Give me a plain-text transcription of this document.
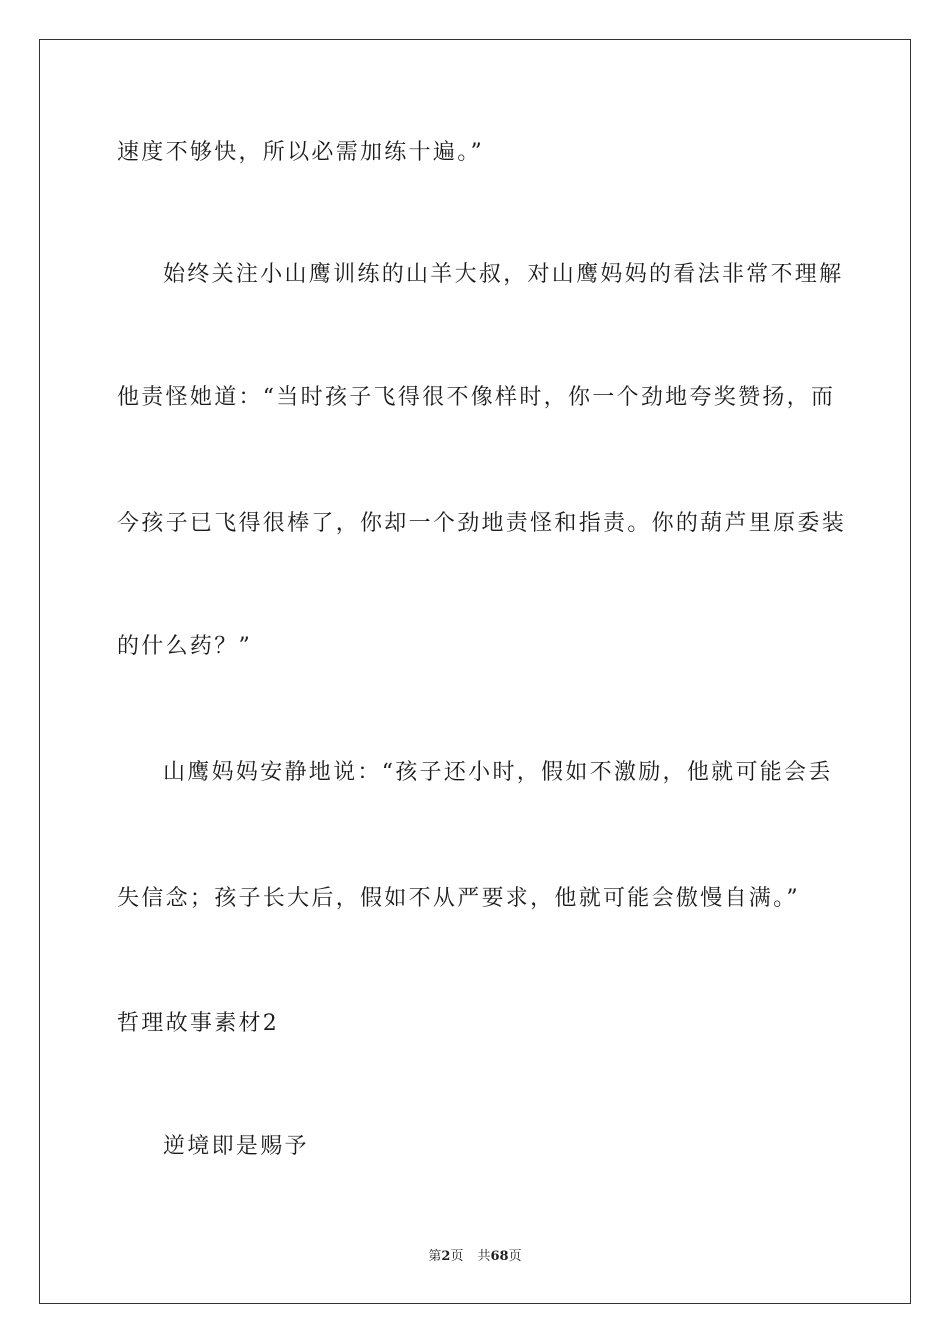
速度不够快，所以必需加练十遍。”

始终关注小山鹰训练的山羊大叔，对山鹰妈妈的看法非常不理解

他责怪她道：“当时孩子飞得很不像样时，你一个劲地夸奖赞扬，而

今孩子已飞得很棒了，你却一个劲地责怪和指责。你的葫芦里原委装

的什么药？”

山鹰妈妈安静地说：“孩子还小时，假如不激励，他就可能会丢

失信念；孩子长大后，假如不从严要求，他就可能会傲慢自满。”

哲理故事素材2

逆境即是赐予

第2页 共68页
